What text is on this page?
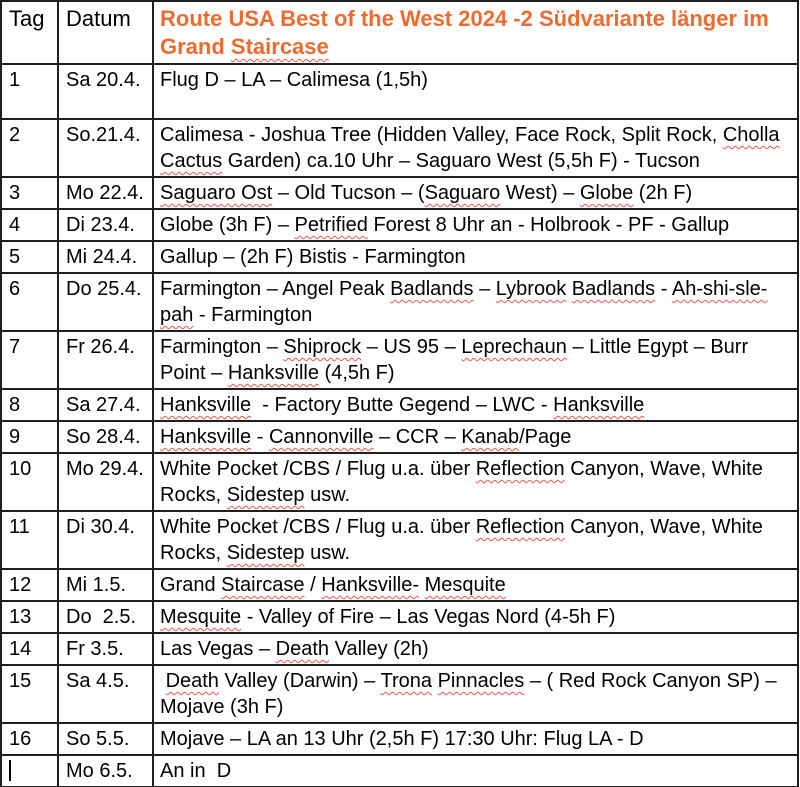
Tag	Datum	Route USA Best of the West 2024 -2 Südvariante länger im Grand Staircase
1	Sa 20.4.	Flug D – LA – Calimesa (1,5h)
2	So.21.4.	Calimesa - Joshua Tree (Hidden Valley, Face Rock, Split Rock, Cholla Cactus Garden) ca.10 Uhr – Saguaro West (5,5h F) - Tucson
3	Mo 22.4.	Saguaro Ost – Old Tucson – (Saguaro West) – Globe (2h F)
4	Di 23.4.	Globe (3h F) – Petrified Forest 8 Uhr an - Holbrook - PF - Gallup
5	Mi 24.4.	Gallup – (2h F) Bistis - Farmington
6	Do 25.4.	Farmington – Angel Peak Badlands – Lybrook Badlands - Ah-shi-sle-pah - Farmington
7	Fr 26.4.	Farmington – Shiprock – US 95 – Leprechaun – Little Egypt – Burr Point – Hanksville (4,5h F)
8	Sa 27.4.	Hanksville  - Factory Butte Gegend – LWC - Hanksville
9	So 28.4.	Hanksville - Cannonville – CCR – Kanab/Page
10	Mo 29.4.	White Pocket /CBS / Flug u.a. über Reflection Canyon, Wave, White Rocks, Sidestep usw.
11	Di 30.4.	White Pocket /CBS / Flug u.a. über Reflection Canyon, Wave, White Rocks, Sidestep usw.
12	Mi 1.5.	Grand Staircase / Hanksville- Mesquite
13	Do  2.5.	Mesquite - Valley of Fire – Las Vegas Nord (4-5h F)
14	Fr 3.5.	Las Vegas – Death Valley (2h)
15	Sa 4.5.	Death Valley (Darwin) – Trona Pinnacles – ( Red Rock Canyon SP) – Mojave (3h F)
16	So 5.5.	Mojave – LA an 13 Uhr (2,5h F) 17:30 Uhr: Flug LA - D
	Mo 6.5.	An in  D
